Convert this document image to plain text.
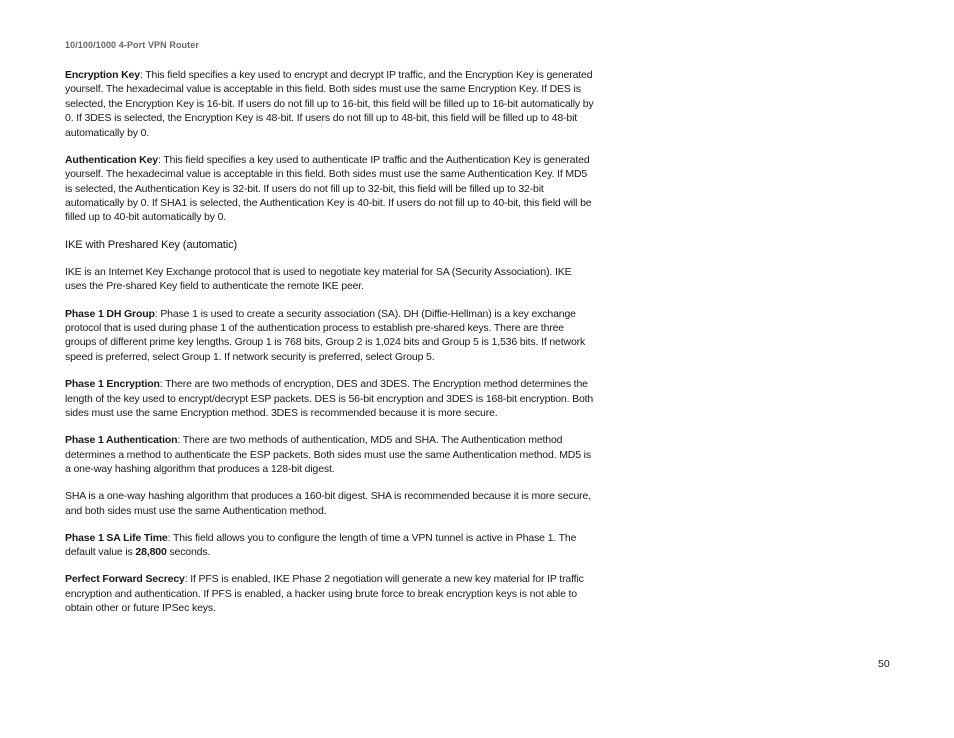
10/100/1000 4-Port VPN Router

Encryption Key: This field specifies a key used to encrypt and decrypt IP traffic, and the Encryption Key is generated yourself. The hexadecimal value is acceptable in this field. Both sides must use the same Encryption Key. If DES is selected, the Encryption Key is 16-bit. If users do not fill up to 16-bit, this field will be filled up to 16-bit automatically by 0. If 3DES is selected, the Encryption Key is 48-bit. If users do not fill up to 48-bit, this field will be filled up to 48-bit automatically by 0.

Authentication Key: This field specifies a key used to authenticate IP traffic and the Authentication Key is generated yourself. The hexadecimal value is acceptable in this field. Both sides must use the same Authentication Key. If MD5 is selected, the Authentication Key is 32-bit. If users do not fill up to 32-bit, this field will be filled up to 32-bit automatically by 0. If SHA1 is selected, the Authentication Key is 40-bit. If users do not fill up to 40-bit, this field will be filled up to 40-bit automatically by 0.

IKE with Preshared Key (automatic)

IKE is an Internet Key Exchange protocol that is used to negotiate key material for SA (Security Association). IKE uses the Pre-shared Key field to authenticate the remote IKE peer.

Phase 1 DH Group: Phase 1 is used to create a security association (SA). DH (Diffie-Hellman) is a key exchange protocol that is used during phase 1 of the authentication process to establish pre-shared keys. There are three groups of different prime key lengths. Group 1 is 768 bits, Group 2 is 1,024 bits and Group 5 is 1,536 bits. If network speed is preferred, select Group 1. If network security is preferred, select Group 5.

Phase 1 Encryption: There are two methods of encryption, DES and 3DES. The Encryption method determines the length of the key used to encrypt/decrypt ESP packets. DES is 56-bit encryption and 3DES is 168-bit encryption. Both sides must use the same Encryption method. 3DES is recommended because it is more secure.

Phase 1 Authentication: There are two methods of authentication, MD5 and SHA. The Authentication method determines a method to authenticate the ESP packets. Both sides must use the same Authentication method. MD5 is a one-way hashing algorithm that produces a 128-bit digest.

SHA is a one-way hashing algorithm that produces a 160-bit digest. SHA is recommended because it is more secure, and both sides must use the same Authentication method.

Phase 1 SA Life Time: This field allows you to configure the length of time a VPN tunnel is active in Phase 1. The default value is 28,800 seconds.

Perfect Forward Secrecy: If PFS is enabled, IKE Phase 2 negotiation will generate a new key material for IP traffic encryption and authentication. If PFS is enabled, a hacker using brute force to break encryption keys is not able to obtain other or future IPSec keys.

50
